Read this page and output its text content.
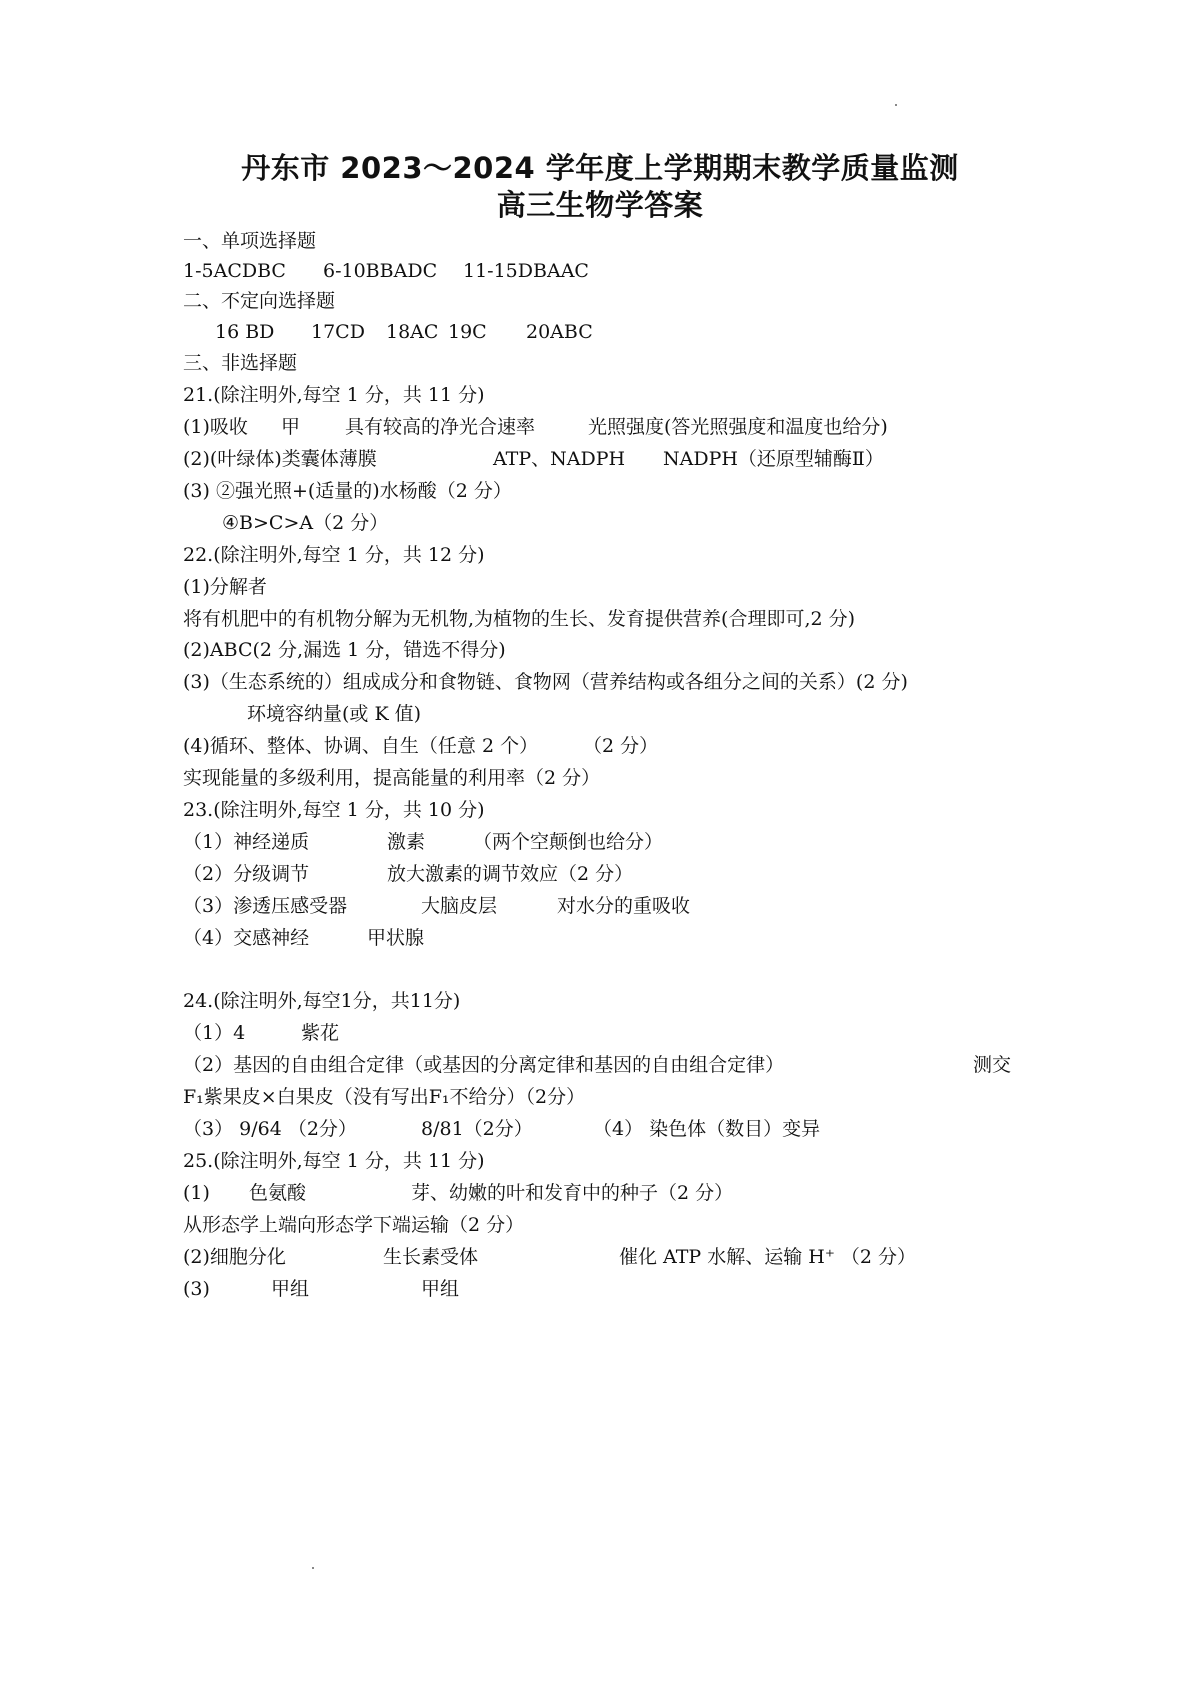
丹东市 2023～2024 学年度上学期期末教学质量监测
高三生物学答案
一、单项选择题
1-5ACDBC 6-10BBADC 11-15DBAAC
二、不定向选择题
16 BD 17CD 18AC 19C 20ABC
三、非选择题
21.(除注明外,每空 1 分，共 11 分)
(1)吸收 甲 具有较高的净光合速率	光照强度(答光照强度和温度也给分)
(2)(叶绿体)类囊体薄膜	ATP、NADPH NADPH（还原型辅酶Ⅱ）
(3) ②强光照+(适量的)水杨酸（2 分）
④B>C>A（2 分）
22.(除注明外,每空 1 分，共 12 分)
(1)分解者
将有机肥中的有机物分解为无机物,为植物的生长、发育提供营养(合理即可,2 分)
(2)ABC(2 分,漏选 1 分，错选不得分)
(3)（生态系统的）组成成分和食物链、食物网（营养结构或各组分之间的关系）(2 分)
环境容纳量(或 K 值)
(4)循环、整体、协调、自生（任意 2 个） （2 分）
实现能量的多级利用，提高能量的利用率（2 分）
23.(除注明外,每空 1 分，共 10 分)
（1）神经递质	激素	（两个空颠倒也给分）
（2）分级调节	放大激素的调节效应（2 分）
（3）渗透压感受器	大脑皮层	对水分的重吸收
（4）交感神经	甲状腺
24.(除注明外,每空1分，共11分)
（1）4	紫花
（2）基因的自由组合定律（或基因的分离定律和基因的自由组合定律）	测交
F₁紫果皮×白果皮（没有写出F₁不给分）（2分）
（3） 9/64 （2分）	8/81（2分）	（4） 染色体（数目）变异
25.(除注明外,每空 1 分，共 11 分)
(1) 色氨酸	芽、幼嫩的叶和发育中的种子（2 分）
从形态学上端向形态学下端运输（2 分）
(2)细胞分化	生长素受体	催化 ATP 水解、运输 H⁺ （2 分）
(3)	甲组	甲组
